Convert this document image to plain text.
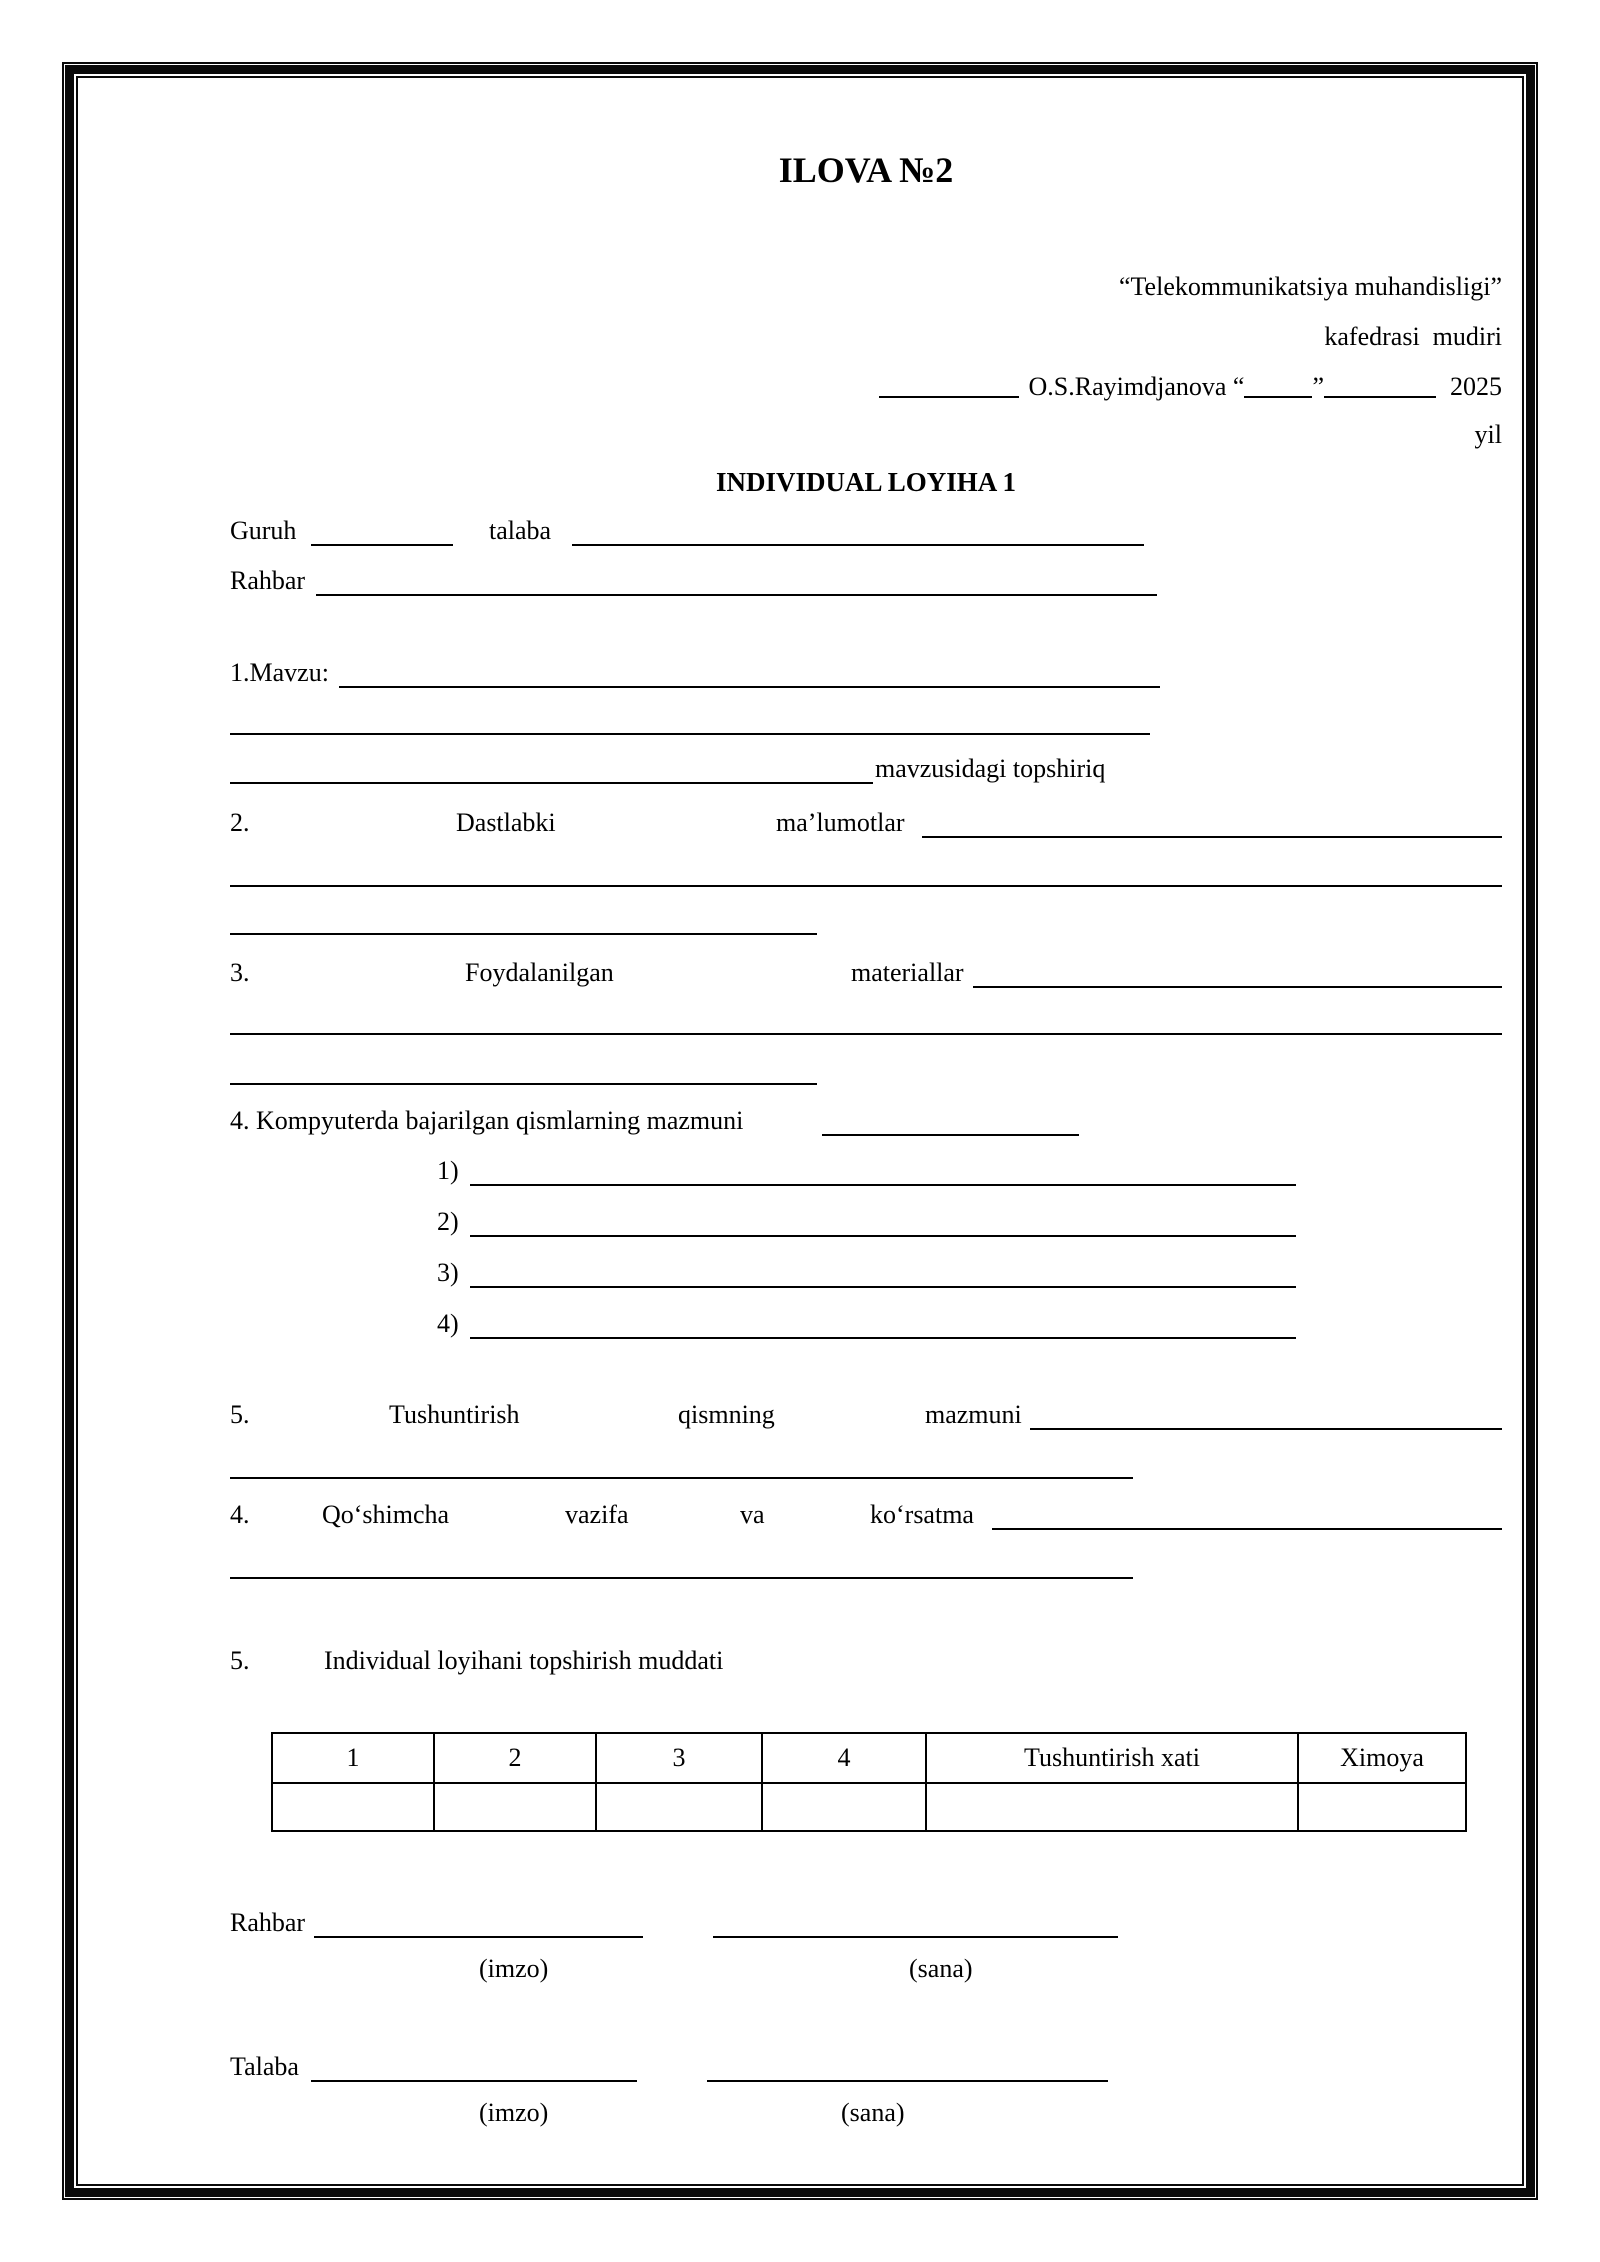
ILOVA №2
“Telekommunikatsiya muhandisligi”
kafedrasi  mudiri
O.S.Rayimdjanova “	”	2025
yil
INDIVIDUAL LOYIHA 1

Guruh

	talaba

Rahbar

1.Mavzu:

mavzusidagi topshiriq

2.

	Dastlabki

	ma’lumotlar

3.

	Foydalanilgan

	materiallar

4. Kompyuterda bajarilgan qismlarning mazmuni

1)

2)

3)

4)

5.

	Tushuntirish

	qismning

	mazmuni

4.

	Qo‘shimcha

	vazifa

	va

	ko‘rsatma

5.

	Individual loyihani topshirish muddati

1	2	3	4	Tushuntirish xati	Ximoya

Rahbar

(imzo)

	(sana)

Talaba

(imzo)

	(sana)
